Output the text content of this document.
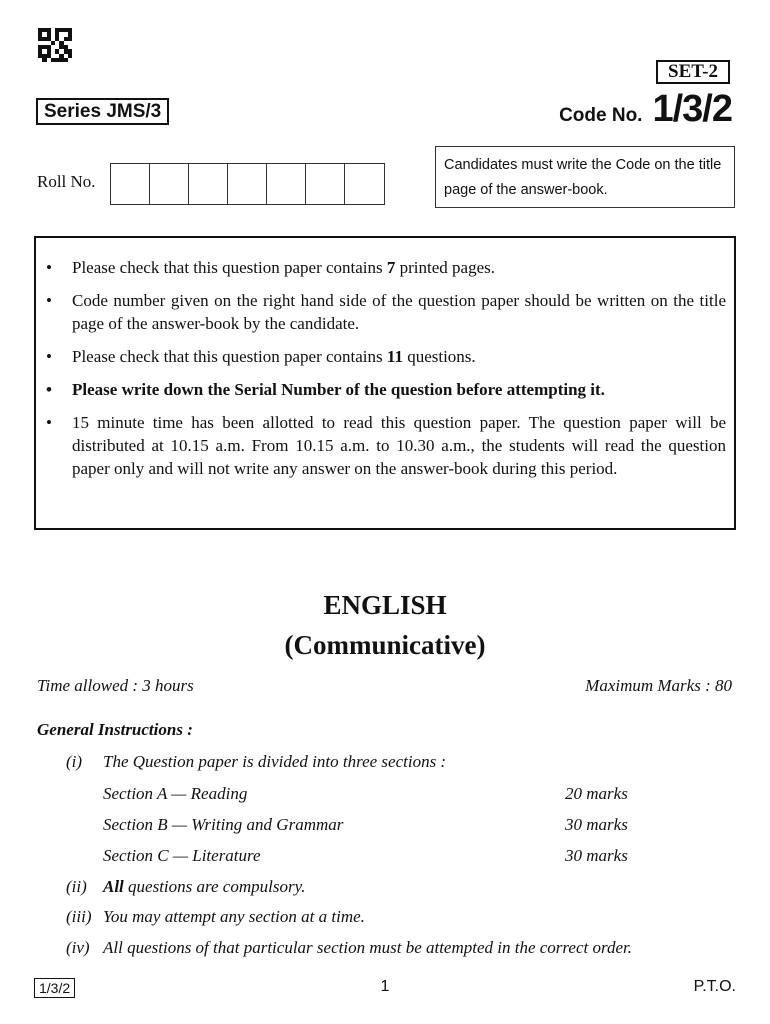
SET-2
Series JMS/3	Code No. 1/3/2
Roll No.
Candidates must write the Code on the title page of the answer-book.
• Please check that this question paper contains 7 printed pages.
• Code number given on the right hand side of the question paper should be written on the title page of the answer-book by the candidate.
• Please check that this question paper contains 11 questions.
• Please write down the Serial Number of the question before attempting it.
• 15 minute time has been allotted to read this question paper. The question paper will be distributed at 10.15 a.m. From 10.15 a.m. to 10.30 a.m., the students will read the question paper only and will not write any answer on the answer-book during this period.
ENGLISH
(Communicative)
Time allowed : 3 hours	Maximum Marks : 80
General Instructions :
(i) The Question paper is divided into three sections :
Section A — Reading	20 marks
Section B — Writing and Grammar	30 marks
Section C — Literature	30 marks
(ii) All questions are compulsory.
(iii) You may attempt any section at a time.
(iv) All questions of that particular section must be attempted in the correct order.
1/3/2	1	P.T.O.
